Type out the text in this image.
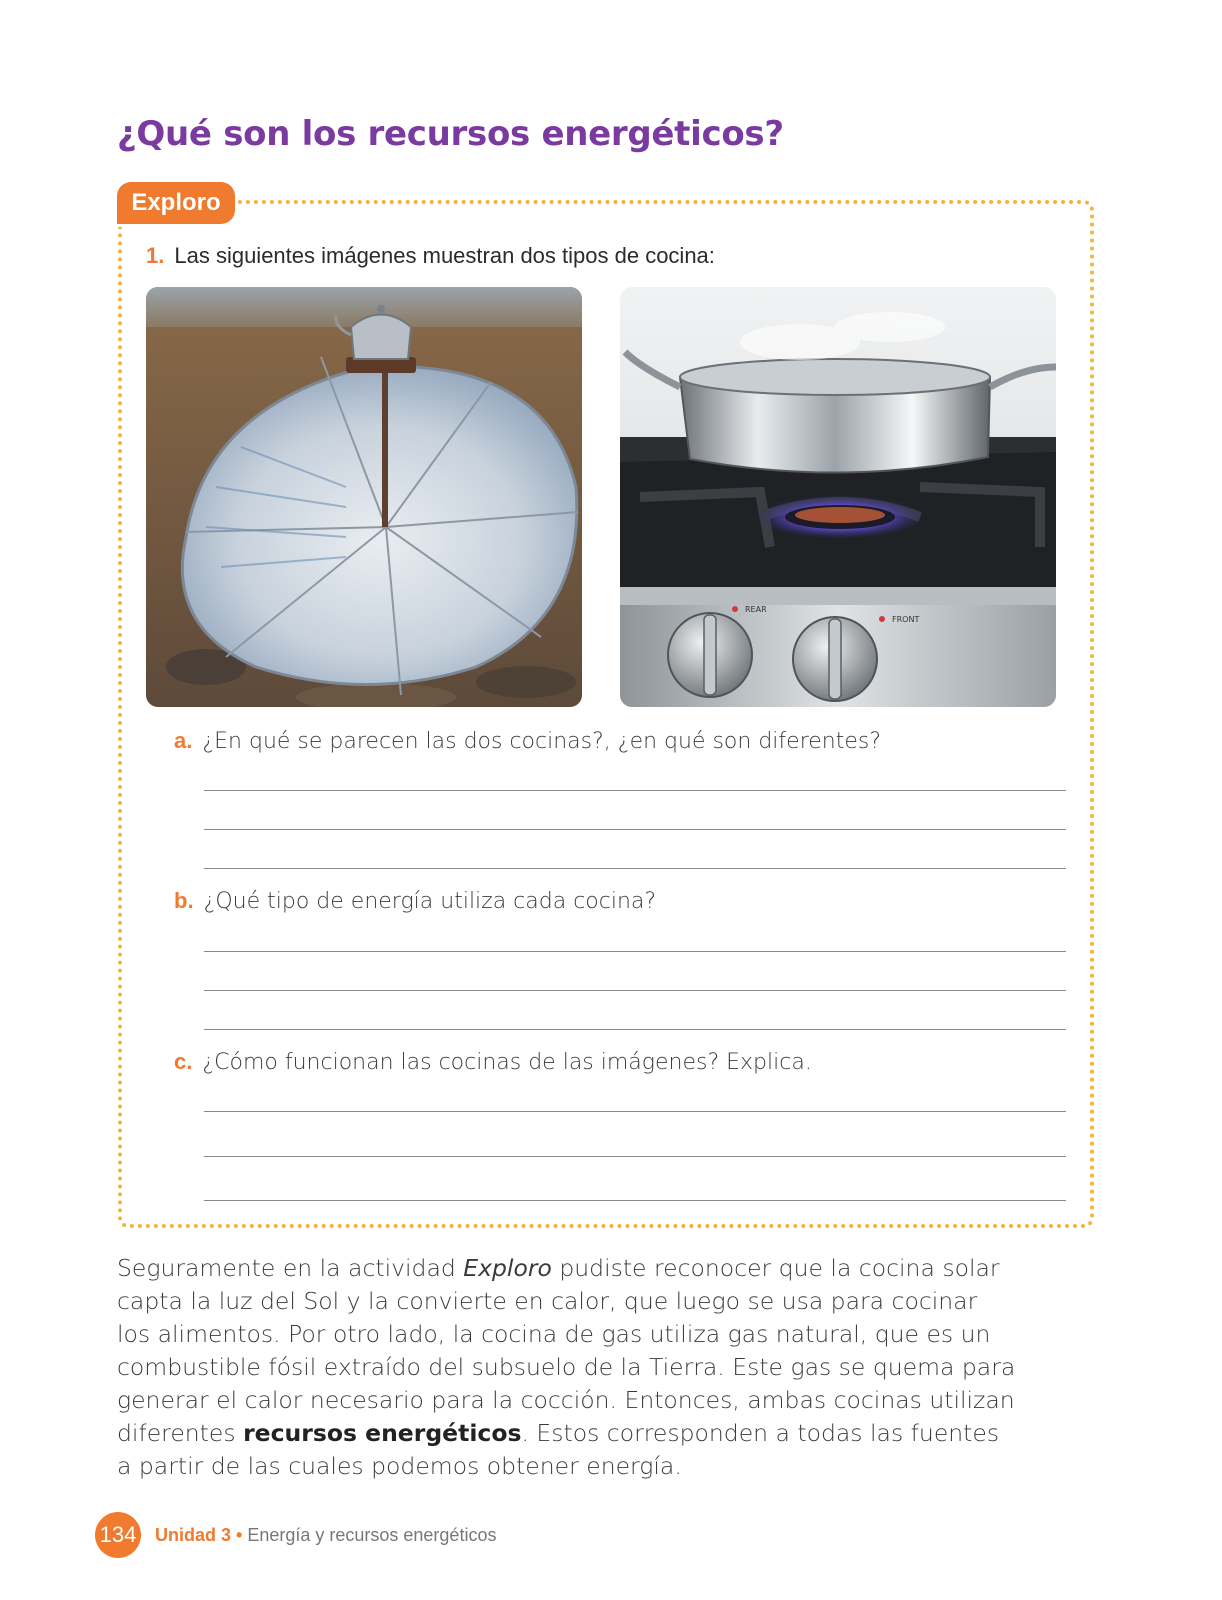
¿Qué son los recursos energéticos?
Exploro
1. Las siguientes imágenes muestran dos tipos de cocina:
REAR
FRONT
a. ¿En qué se parecen las dos cocinas?, ¿en qué son diferentes?
b. ¿Qué tipo de energía utiliza cada cocina?
c. ¿Cómo funcionan las cocinas de las imágenes? Explica.

Seguramente en la actividad Exploro pudiste reconocer que la cocina solar capta la luz del Sol y la convierte en calor, que luego se usa para cocinar los alimentos. Por otro lado, la cocina de gas utiliza gas natural, que es un combustible fósil extraído del subsuelo de la Tierra. Este gas se quema para generar el calor necesario para la cocción. Entonces, ambas cocinas utilizan diferentes recursos energéticos. Estos corresponden a todas las fuentes a partir de las cuales podemos obtener energía.

134 Unidad 3 • Energía y recursos energéticos
